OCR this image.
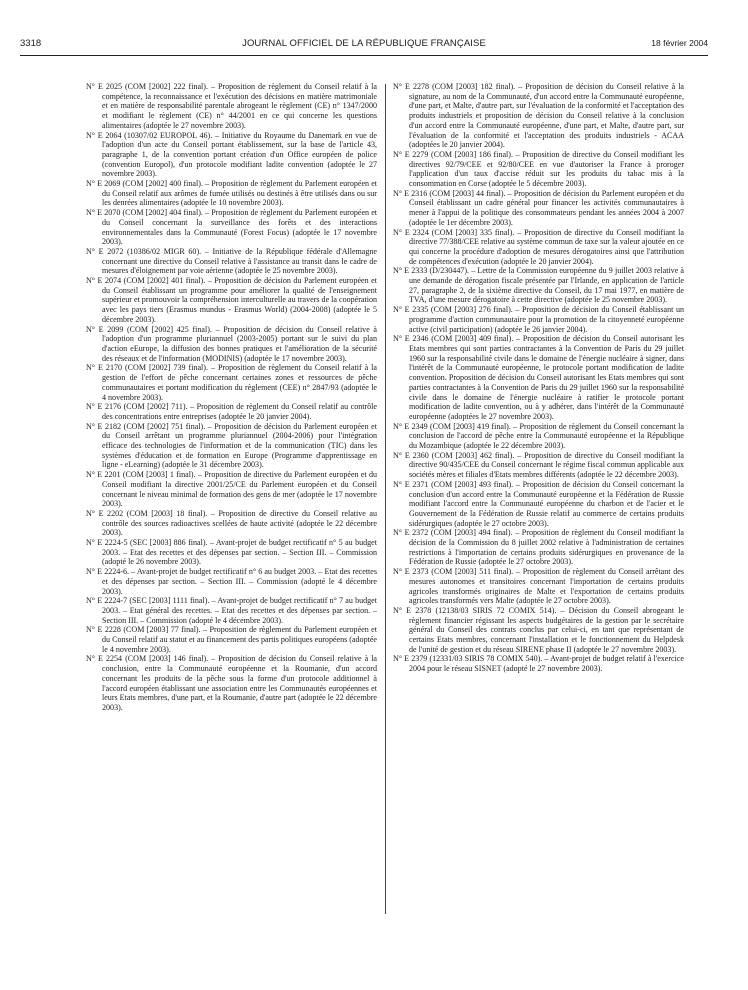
3318	JOURNAL OFFICIEL DE LA RÉPUBLIQUE FRANÇAISE	18 février 2004
N° E 2025 (COM [2002] 222 final). – Proposition de règlement du Conseil relatif à la compétence, la reconnaissance et l'exécution des décisions en matière matrimoniale et en matière de responsabilité parentale abrogeant le règlement (CE) n° 1347/2000 et modifiant le règlement (CE) n° 44/2001 en ce qui concerne les questions alimentaires (adoptée le 27 novembre 2003).
N° E 2064 (10307/02 EUROPOL 46). – Initiative du Royaume du Danemark en vue de l'adoption d'un acte du Conseil portant établissement, sur la base de l'article 43, paragraphe 1, de la convention portant création d'un Office européen de police (convention Europol), d'un protocole modifiant ladite convention (adoptée le 27 novembre 2003).
N° E 2069 (COM [2002] 400 final). – Proposition de règlement du Parlement européen et du Conseil relatif aux arômes de fumée utilisés ou destinés à être utilisés dans ou sur les denrées alimentaires (adoptée le 10 novembre 2003).
N° E 2070 (COM [2002] 404 final). – Proposition de règlement du Parlement européen et du Conseil concernant la surveillance des forêts et des interactions environnementales dans la Communauté (Forest Focus) (adoptée le 17 novembre 2003).
N° E 2072 (10386/02 MIGR 60). – Initiative de la République fédérale d'Allemagne concernant une directive du Conseil relative à l'assistance au transit dans le cadre de mesures d'éloignement par voie aérienne (adoptée le 25 novembre 2003).
N° E 2074 (COM [2002] 401 final). – Proposition de décision du Parlement européen et du Conseil établissant un programme pour améliorer la qualité de l'enseignement supérieur et promouvoir la compréhension interculturelle au travers de la coopération avec les pays tiers (Erasmus mundus - Erasmus World) (2004-2008) (adoptée le 5 décembre 2003).
N° E 2099 (COM [2002] 425 final). – Proposition de décision du Conseil relative à l'adoption d'un programme pluriannuel (2003-2005) portant sur le suivi du plan d'action eEurope, la diffusion des bonnes pratiques et l'amélioration de la sécurité des réseaux et de l'information (MODINIS) (adoptée le 17 novembre 2003).
N° E 2170 (COM [2002] 739 final). – Proposition de règlement du Conseil relatif à la gestion de l'effort de pêche concernant certaines zones et ressources de pêche communautaires et portant modification du règlement (CEE) n° 2847/93 (adoptée le 4 novembre 2003).
N° E 2176 (COM [2002] 711). – Proposition de règlement du Conseil relatif au contrôle des concentrations entre entreprises (adoptée le 20 janvier 2004).
N° E 2182 (COM [2002] 751 final). – Proposition de décision du Parlement européen et du Conseil arrêtant un programme pluriannuel (2004-2006) pour l'intégration efficace des technologies de l'information et de la communication (TIC) dans les systèmes d'éducation et de formation en Europe (Programme d'apprentissage en ligne - eLearning) (adoptée le 31 décembre 2003).
N° E 2201 (COM [2003] 1 final). – Proposition de directive du Parlement européen et du Conseil modifiant la directive 2001/25/CE du Parlement européen et du Conseil concernant le niveau minimal de formation des gens de mer (adoptée le 17 novembre 2003).
N° E 2202 (COM [2003] 18 final). – Proposition de directive du Conseil relative au contrôle des sources radioactives scellées de haute activité (adoptée le 22 décembre 2003).
N° E 2224-5 (SEC [2003] 886 final). – Avant-projet de budget rectificatif n° 5 au budget 2003. – Etat des recettes et des dépenses par section. – Section III. – Commission (adopté le 26 novembre 2003).
N° E 2224-6. – Avant-projet de budget rectificatif n° 6 au budget 2003. – Etat des recettes et des dépenses par section. – Section III. – Commission (adopté le 4 décembre 2003).
N° E 2224-7 (SEC [2003] 1111 final). – Avant-projet de budget rectificatif n° 7 au budget 2003. – Etat général des recettes. – Etat des recettes et des dépenses par section. – Section III. – Commission (adopté le 4 décembre 2003).
N° E 2228 (COM [2003] 77 final). – Proposition de règlement du Parlement européen et du Conseil relatif au statut et au financement des partis politiques européens (adoptée le 4 novembre 2003).
N° E 2254 (COM [2003] 146 final). – Proposition de décision du Conseil relative à la conclusion, entre la Communauté européenne et la Roumanie, d'un accord concernant les produits de la pêche sous la forme d'un protocole additionnel à l'accord européen établissant une association entre les Communautés européennes et leurs Etats membres, d'une part, et la Roumanie, d'autre part (adoptée le 22 décembre 2003).
N° E 2278 (COM [2003] 182 final). – Proposition de décision du Conseil relative à la signature, au nom de la Communauté, d'un accord entre la Communauté européenne, d'une part, et Malte, d'autre part, sur l'évaluation de la conformité et l'acceptation des produits industriels et proposition de décision du Conseil relative à la conclusion d'un accord entre la Communauté européenne, d'une part, et Malte, d'autre part, sur l'évaluation de la conformité et l'acceptation des produits industriels - ACAA (adoptées le 20 janvier 2004).
N° E 2279 (COM [2003] 186 final). – Proposition de directive du Conseil modifiant les directives 92/79/CEE et 92/80/CEE en vue d'autoriser la France à proroger l'application d'un taux d'accise réduit sur les produits du tabac mis à la consommation en Corse (adoptée le 5 décembre 2003).
N° E 2316 (COM [2003] 44 final). – Proposition de décision du Parlement européen et du Conseil établissant un cadre général pour financer les activités communautaires à mener à l'appui de la politique des consommateurs pendant les années 2004 à 2007 (adoptée le 1er décembre 2003).
N° E 2324 (COM [2003] 335 final). – Proposition de directive du Conseil modifiant la directive 77/388/CEE relative au système commun de taxe sur la valeur ajoutée en ce qui concerne la procédure d'adoption de mesures dérogatoires ainsi que l'attribution de compétences d'exécution (adoptée le 20 janvier 2004).
N° E 2333 (D/230447). – Lettre de la Commission européenne du 9 juillet 2003 relative à une demande de dérogation fiscale présentée par l'Irlande, en application de l'article 27, paragraphe 2, de la sixième directive du Conseil, du 17 mai 1977, en matière de TVA, d'une mesure dérogatoire à cette directive (adoptée le 25 novembre 2003).
N° E 2335 (COM [2003] 276 final). – Proposition de décision du Conseil établissant un programme d'action communautaire pour la promotion de la citoyenneté européenne active (civil participation) (adoptée le 26 janvier 2004).
N° E 2346 (COM [2003] 409 final). – Proposition de décision du Conseil autorisant les Etats membres qui sont parties contractantes à la Convention de Paris du 29 juillet 1960 sur la responsabilité civile dans le domaine de l'énergie nucléaire à signer, dans l'intérêt de la Communauté européenne, le protocole portant modification de ladite convention. Proposition de décision du Conseil autorisant les Etats membres qui sont parties contractantes à la Convention de Paris du 29 juillet 1960 sur la responsabilité civile dans le domaine de l'énergie nucléaire à ratifier le protocole portant modification de ladite convention, ou à y adhérer, dans l'intérêt de la Communauté européenne (adoptées le 27 novembre 2003).
N° E 2349 (COM [2003] 419 final). – Proposition de règlement du Conseil concernant la conclusion de l'accord de pêche entre la Communauté européenne et la République du Mozambique (adoptée le 22 décembre 2003).
N° E 2360 (COM [2003] 462 final). – Proposition de directive du Conseil modifiant la directive 90/435/CEE du Conseil concernant le régime fiscal commun applicable aux sociétés mères et filiales d'Etats membres différents (adoptée le 22 décembre 2003).
N° E 2371 (COM [2003] 493 final). – Proposition de décision du Conseil concernant la conclusion d'un accord entre la Communauté européenne et la Fédération de Russie modifiant l'accord entre la Communauté européenne du charbon et de l'acier et le Gouvernement de la Fédération de Russie relatif au commerce de certains produits sidérurgiques (adoptée le 27 octobre 2003).
N° E 2372 (COM [2003] 494 final). – Proposition de règlement du Conseil modifiant la décision de la Commission du 8 juillet 2002 relative à l'administration de certaines restrictions à l'importation de certains produits sidérurgiques en provenance de la Fédération de Russie (adoptée le 27 octobre 2003).
N° E 2373 (COM [2003] 511 final). – Proposition de règlement du Conseil arrêtant des mesures autonomes et transitoires concernant l'importation de certains produits agricoles transformés originaires de Malte et l'exportation de certains produits agricoles transformés vers Malte (adoptée le 27 octobre 2003).
N° E 2378 (12138/03 SIRIS 72 COMIX 514). – Décision du Conseil abrogeant le règlement financier régissant les aspects budgétaires de la gestion par le secrétaire général du Conseil des contrats conclus par celui-ci, en tant que représentant de certains Etats membres, concernant l'installation et le fonctionnement du Helpdesk de l'unité de gestion et du réseau SIRENE phase II (adoptée le 27 novembre 2003).
N° E 2379 (12331/03 SIRIS 78 COMIX 540). – Avant-projet de budget relatif à l'exercice 2004 pour le réseau SISNET (adopté le 27 novembre 2003).
